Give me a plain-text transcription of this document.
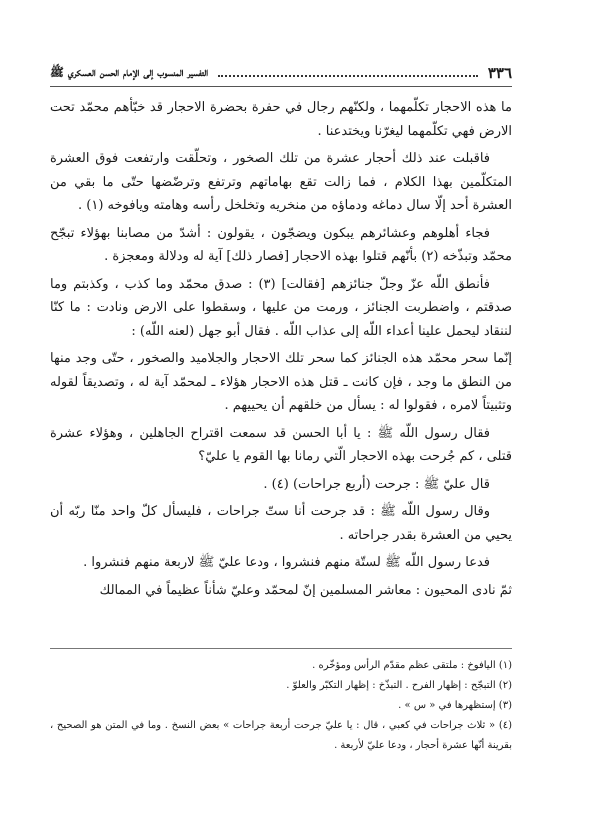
٣٣٦
التفسير المنسوب إلى الإمام الحسن العسكري ﷺ

ما هذه الاحجار تكلّمهما ، ولكنّهم رجال في حفرة بحضرة الاحجار قد خبّأهم محمّد تحت الارض فهي تكلّمهما ليغرّنا ويختدعنا .

فاقبلت عند ذلك أحجار عشرة من تلك الصخور ، وتحلّقت وارتفعت فوق العشرة المتكلّمين بهذا الكلام ، فما زالت تقع بهاماتهم وترتفع وترضّضها حتّى ما بقي من العشرة أحد إلّا سال دماغه ودماؤه من منخريه وتخلخل رأسه وهامته ويافوخه (١) .

فجاء أهلوهم وعشائرهم يبكون ويضجّون ، يقولون : أشدّ من مصابنا بهؤلاء تبجّح محمّد وتبذّخه (٢) بأنّهم قتلوا بهذه الاحجار [فصار ذلك] آية له ودلالة ومعجزة .

فأنطق اللّه عزّ وجلّ جنائزهم [فقالت] (٣) : صدق محمّد وما كذب ، وكذبتم وما صدقتم ، واضطربت الجنائز ، ورمت من عليها ، وسقطوا على الارض ونادت : ما كنّا لننقاد ليحمل علينا أعداء اللّه إلى عذاب اللّه . فقال أبو جهل (لعنه اللّه) :

إنّما سحر محمّد هذه الجنائز كما سحر تلك الاحجار والجلاميد والصخور ، حتّى وجد منها من النطق ما وجد ، فإن كانت ـ قتل هذه الاحجار هؤلاء ـ لمحمّد آية له ، وتصديقاً لقوله وتثبيتاً لامره ، فقولوا له : يسأل من خلقهم أن يحييهم .

فقال رسول اللّه ﷺ : يا أبا الحسن قد سمعت اقتراح الجاهلين ، وهؤلاء عشرة قتلى ، كم جُرحت بهذه الاحجار الّتي رمانا بها القوم يا عليّ؟

قال عليّ ﷺ : جرحت (أربع جراحات) (٤) .

وقال رسول اللّه ﷺ : قد جرحت أنا ستّ جراحات ، فليسأل كلّ واحد منّا ربّه أن يحيي من العشرة بقدر جراحاته .

فدعا رسول اللّه ﷺ لستّة منهم فنشروا ، ودعا عليّ ﷺ لاربعة منهم فنشروا .

ثمّ نادى المحيون : معاشر المسلمين إنّ لمحمّد وعليّ شأناً عظيماً في الممالك

(١) اليافوخ : ملتقى عظم مقدّم الرأس ومؤخّره .

(٢) التبجّح : إظهار الفرح . التبذّخ : إظهار التكبّر والعلوّ .

(٣) إستظهرها في « س » .

(٤) « ثلاث جراحات في كعبي ، قال : يا عليّ جرحت أربعة جراحات » بعض النسخ . وما في المتن هو الصحيح ، بقرينة أنّها عشرة أحجار ، ودعا عليّ لأربعة .
